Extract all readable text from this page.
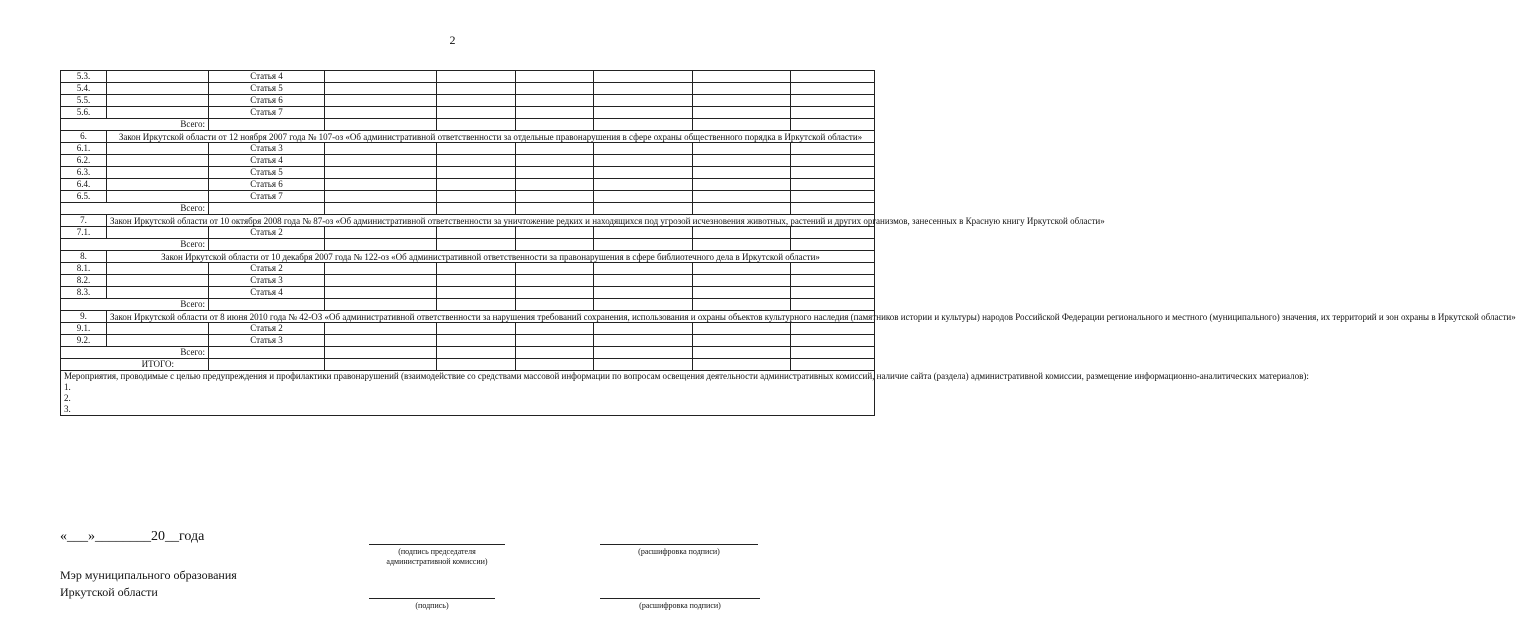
2
5.3.		Статья 4						
5.4.		Статья 5						
5.5.		Статья 6						
5.6.		Статья 7						
Всего:								
6.	Закон Иркутской области от 12 ноября 2007 года № 107-оз «Об административной ответственности за отдельные правонарушения в сфере охраны общественного порядка в Иркутской области»							
6.1.		Статья 3						
6.2.		Статья 4						
6.3.		Статья 5						
6.4.		Статья 6						
6.5.		Статья 7						
Всего:								
7.	Закон Иркутской области от 10 октября 2008 года № 87-оз «Об административной ответственности за уничтожение редких и находящихся под угрозой исчезновения животных, растений и других организмов, занесенных в Красную книгу Иркутской области»							
7.1.		Статья 2						
Всего:								
8.	Закон Иркутской области от 10 декабря 2007 года № 122-оз «Об административной ответственности за правонарушения в сфере библиотечного дела в Иркутской области»							
8.1.		Статья 2						
8.2.		Статья 3						
8.3.		Статья 4						
Всего:								
9.	Закон Иркутской области от 8 июня 2010 года № 42-ОЗ «Об административной ответственности за нарушения требований сохранения, использования и охраны объектов культурного наследия (памятников истории и культуры) народов Российской Федерации регионального и местного (муниципального) значения, их территорий и зон охраны в Иркутской области»							
9.1.		Статья 2						
9.2.		Статья 3						
Всего:								
ИТОГО:								

Мероприятия, проводимые с целью предупреждения и профилактики правонарушений (взаимодействие со средствами массовой информации по вопросам освещения деятельности административных комиссий, наличие сайта (раздела) административной комиссии, размещение информационно-аналитических материалов):
1.
2.
3.								
«___»________20__года
(подпись председателя административной комиссии)
(расшифровка подписи)
Мэр муниципального образования
Иркутской области
(подпись)	(расшифровка подписи)
